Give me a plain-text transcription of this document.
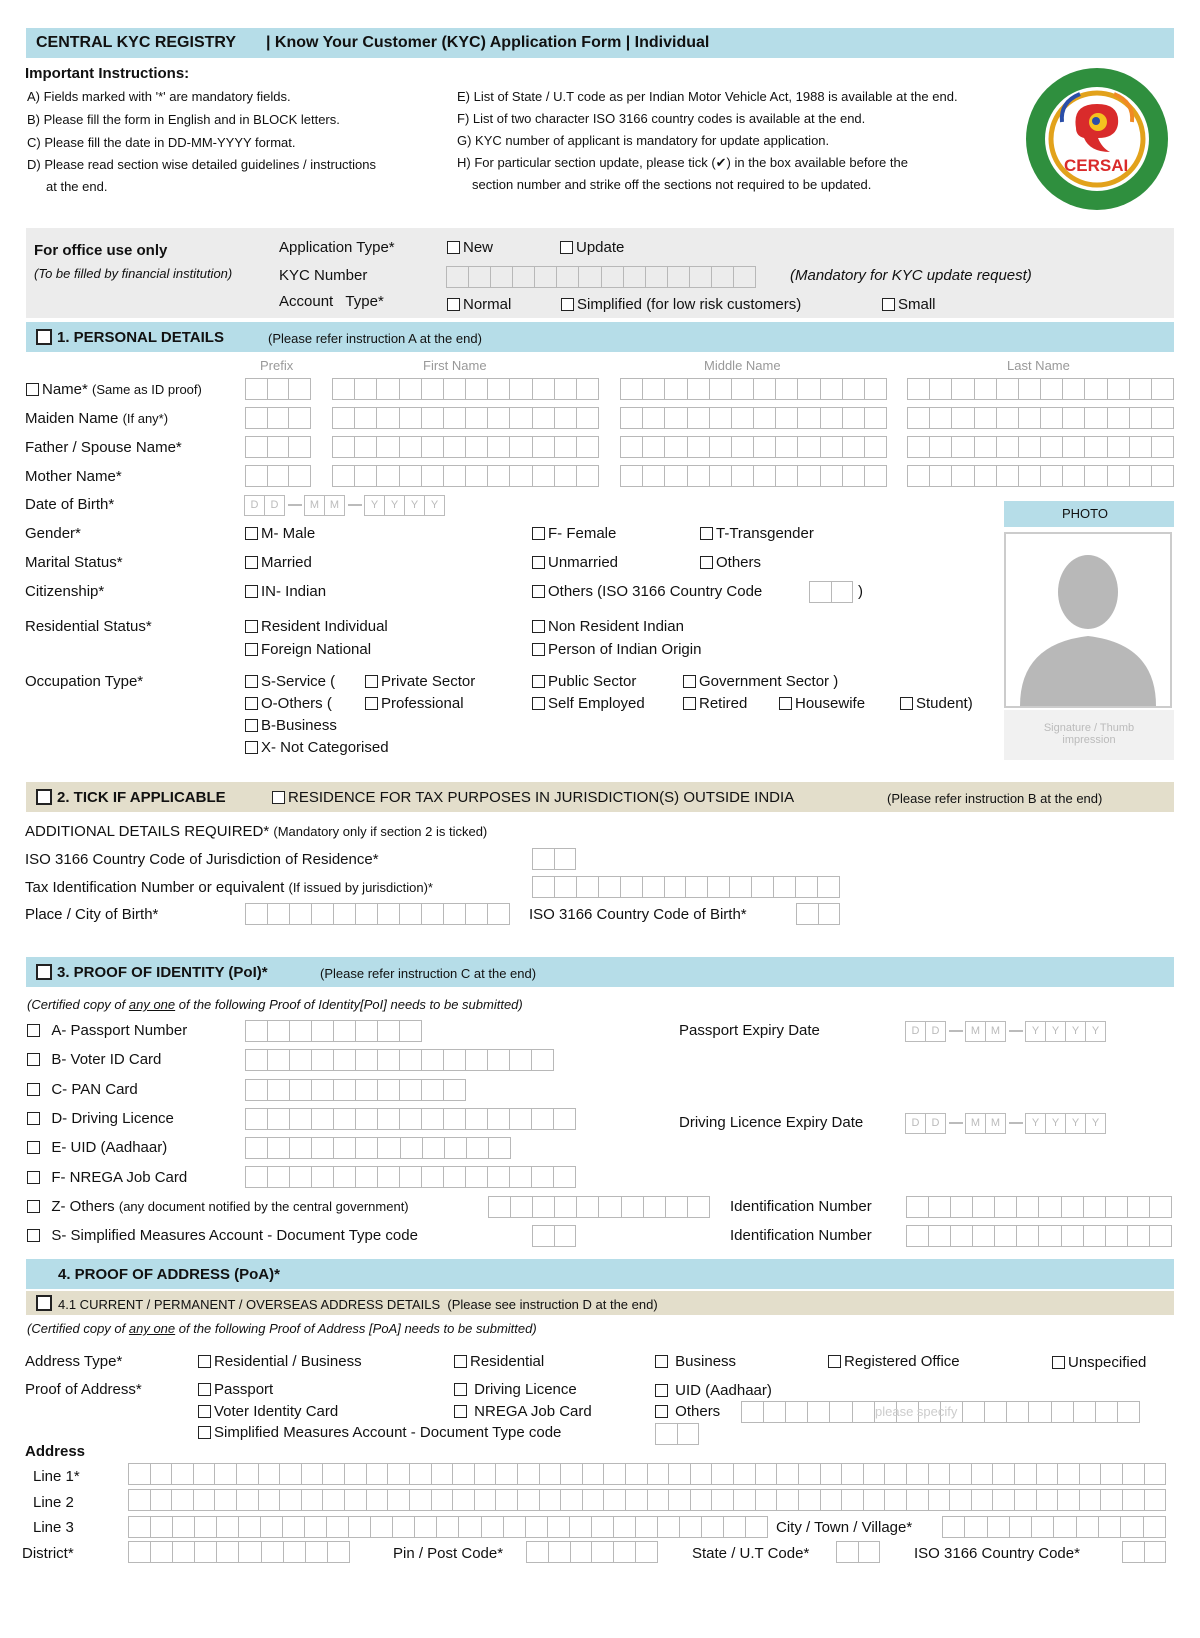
CENTRAL KYC REGISTRY | Know Your Customer (KYC) Application Form | Individual
Important Instructions:
A) Fields marked with '*' are mandatory fields.
B) Please fill the form in English and in BLOCK letters.
C) Please fill the date in DD-MM-YYYY format.
D) Please read section wise detailed guidelines / instructions
at the end.
E) List of State / U.T code as per Indian Motor Vehicle Act, 1988 is available at the end.
F) List of two character ISO 3166 country codes is available at the end.
G) KYC number of applicant is mandatory for update application.
H) For particular section update, please tick (✔) in the box available before the
section number and strike off the sections not required to be updated.
CERSAI
For office use only
(To be filled by financial institution)
Application Type*	New	Update
KYC Number	(Mandatory for KYC update request)
Account   Type*	Normal	Simplified (for low risk customers)	Small
1. PERSONAL DETAILS	(Please refer instruction A at the end)
Prefix	First Name	Middle Name	Last Name
Name* (Same as ID proof)
Maiden Name (If any*)
Father / Spouse Name*
Mother Name*
Date of Birth*	D	D	M M	Y	Y	Y	Y
Gender*	M- Male	F- Female	T-Transgender
Marital Status*	Married	Unmarried	Others
Citizenship*	IN- Indian	Others (ISO 3166 Country Code	)
Residential Status*	Resident Individual	Non Resident Indian
Foreign National	Person of Indian Origin
Occupation Type*	S-Service (	Private Sector	Public Sector	Government Sector )
O-Others (	Professional	Self Employed	Retired	Housewife	Student)
B-Business
X- Not Categorised
PHOTO
Signature / Thumb impression
2. TICK IF APPLICABLE	RESIDENCE FOR TAX PURPOSES IN JURISDICTION(S) OUTSIDE INDIA	(Please refer instruction B at the end)
ADDITIONAL DETAILS REQUIRED* (Mandatory only if section 2 is ticked)
ISO 3166 Country Code of Jurisdiction of Residence*
Tax Identification Number or equivalent (If issued by jurisdiction)*
Place / City of Birth*	ISO 3166 Country Code of Birth*
3. PROOF OF IDENTITY (PoI)*	(Please refer instruction C at the end)
(Certified copy of any one of the following Proof of Identity[PoI] needs to be submitted)
A- Passport Number	Passport Expiry Date	D	D	M M	Y	Y	Y	Y
B- Voter ID Card
C- PAN Card
D- Driving Licence	Driving Licence Expiry Date	D	D	M M	Y	Y	Y	Y
E- UID (Aadhaar)
F- NREGA Job Card
Z- Others (any document notified by the central government)	Identification Number
S- Simplified Measures Account - Document Type code	Identification Number
4. PROOF OF ADDRESS (PoA)*
4.1 CURRENT / PERMANENT / OVERSEAS ADDRESS DETAILS (Please see instruction D at the end)
(Certified copy of any one of the following Proof of Address [PoA] needs to be submitted)
Address Type*	Residential / Business	Residential	Business	Registered Office	Unspecified
Proof of Address*	Passport	Driving Licence	UID (Aadhaar)
Voter Identity Card	NREGA Job Card	Others	please specify
Simplified Measures Account - Document Type code
Address
Line 1*
Line 2
Line 3	City / Town / Village*
District*	Pin / Post Code*	State / U.T Code*	ISO 3166 Country Code*
